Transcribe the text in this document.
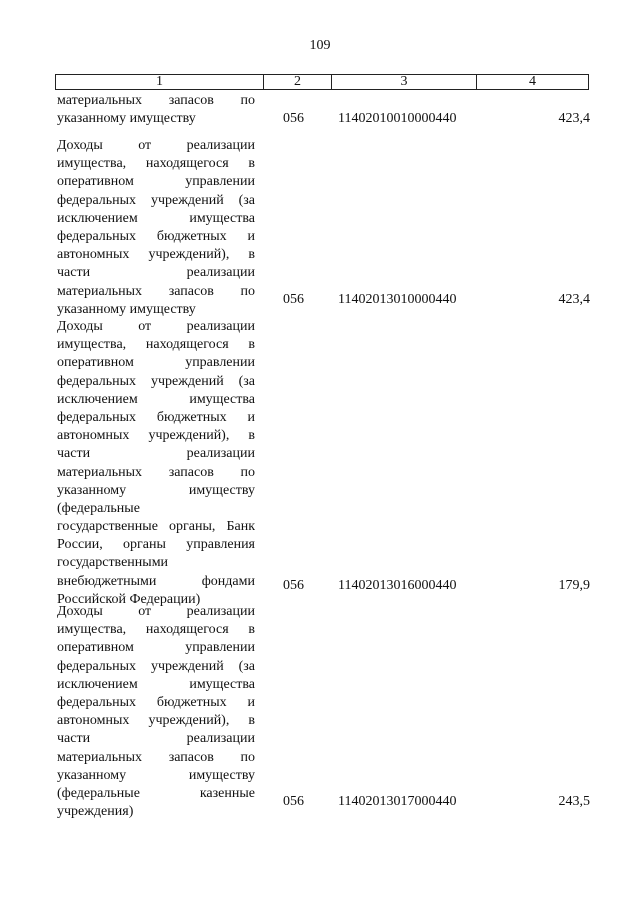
109
1	2	3	4
материальных запасов по
указанному имуществу	056	11402010010000440	423,4
Доходы от реализации
имущества, находящегося в
оперативном управлении
федеральных учреждений (за
исключением имущества
федеральных бюджетных и
автономных учреждений), в
части реализации
материальных запасов по
указанному имуществу
056	11402013010000440	423,4
Доходы от реализации
имущества, находящегося в
оперативном управлении
федеральных учреждений (за
исключением имущества
федеральных бюджетных и
автономных учреждений), в
части реализации
материальных запасов по
указанному имуществу
(федеральные
государственные органы, Банк
России, органы управления
государственными
внебюджетными фондами
Российской Федерации)
056	11402013016000440	179,9
Доходы от реализации
имущества, находящегося в
оперативном управлении
федеральных учреждений (за
исключением имущества
федеральных бюджетных и
автономных учреждений), в
части реализации
материальных запасов по
указанному имуществу
(федеральные казенные
учреждения)
056	11402013017000440	243,5
